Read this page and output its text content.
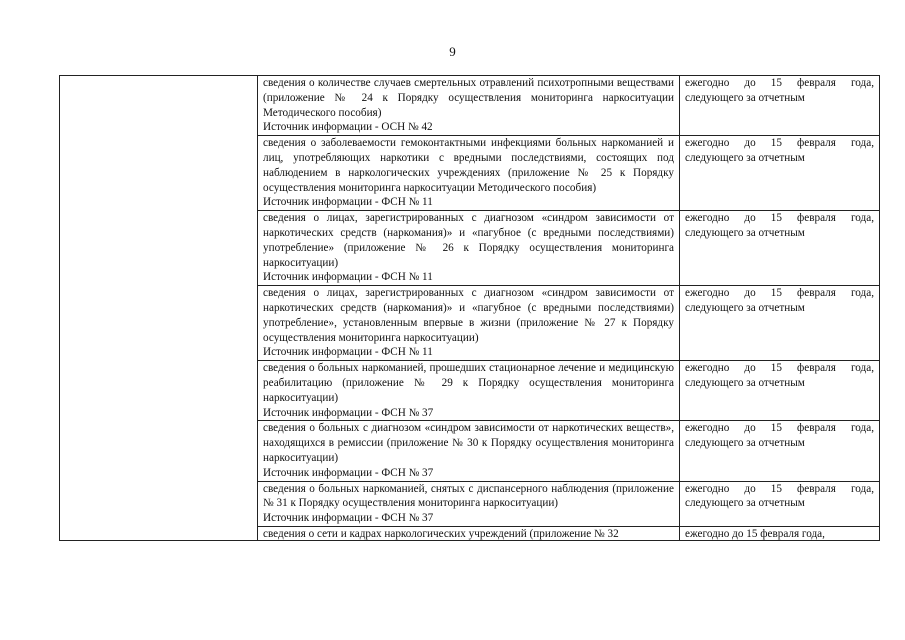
9

	сведения о количестве случаев смертельных отравлений психотропными веществами (приложение № 24 к Порядку осуществления мониторинга наркоситуации Методического пособия)
Источник информации - ОСН № 42	ежегодно до 15 февраля года, следующего за отчетным

	сведения о заболеваемости гемоконтактными инфекциями больных наркоманией и лиц, употребляющих наркотики с вредными последствиями, состоящих под наблюдением в наркологических учреждениях (приложение № 25 к Порядку осуществления мониторинга наркоситуации Методического пособия)
Источник информации - ФСН № 11	ежегодно до 15 февраля года, следующего за отчетным

	сведения о лицах, зарегистрированных с диагнозом «синдром зависимости от наркотических средств (наркомания)» и «пагубное (с вредными последствиями) употребление» (приложение № 26 к Порядку осуществления мониторинга наркоситуации)
Источник информации - ФСН № 11	ежегодно до 15 февраля года, следующего за отчетным

	сведения о лицах, зарегистрированных с диагнозом «синдром зависимости от наркотических средств (наркомания)» и «пагубное (с вредными последствиями) употребление», установленным впервые в жизни (приложение № 27 к Порядку осуществления мониторинга наркоситуации)
Источник информации - ФСН № 11	ежегодно до 15 февраля года, следующего за отчетным

	сведения о больных наркоманией, прошедших стационарное лечение и медицинскую реабилитацию (приложение № 29 к Порядку осуществления мониторинга наркоситуации)
Источник информации - ФСН № 37	ежегодно до 15 февраля года, следующего за отчетным

	сведения о больных с диагнозом «синдром зависимости от наркотических веществ», находящихся в ремиссии (приложение № 30 к Порядку осуществления мониторинга наркоситуации)
Источник информации - ФСН № 37	ежегодно до 15 февраля года, следующего за отчетным

	сведения о больных наркоманией, снятых с диспансерного наблюдения (приложение № 31 к Порядку осуществления мониторинга наркоситуации)
Источник информации - ФСН № 37	ежегодно до 15 февраля года, следующего за отчетным

	сведения о сети и кадрах наркологических учреждений (приложение № 32	ежегодно до 15 февраля года,
